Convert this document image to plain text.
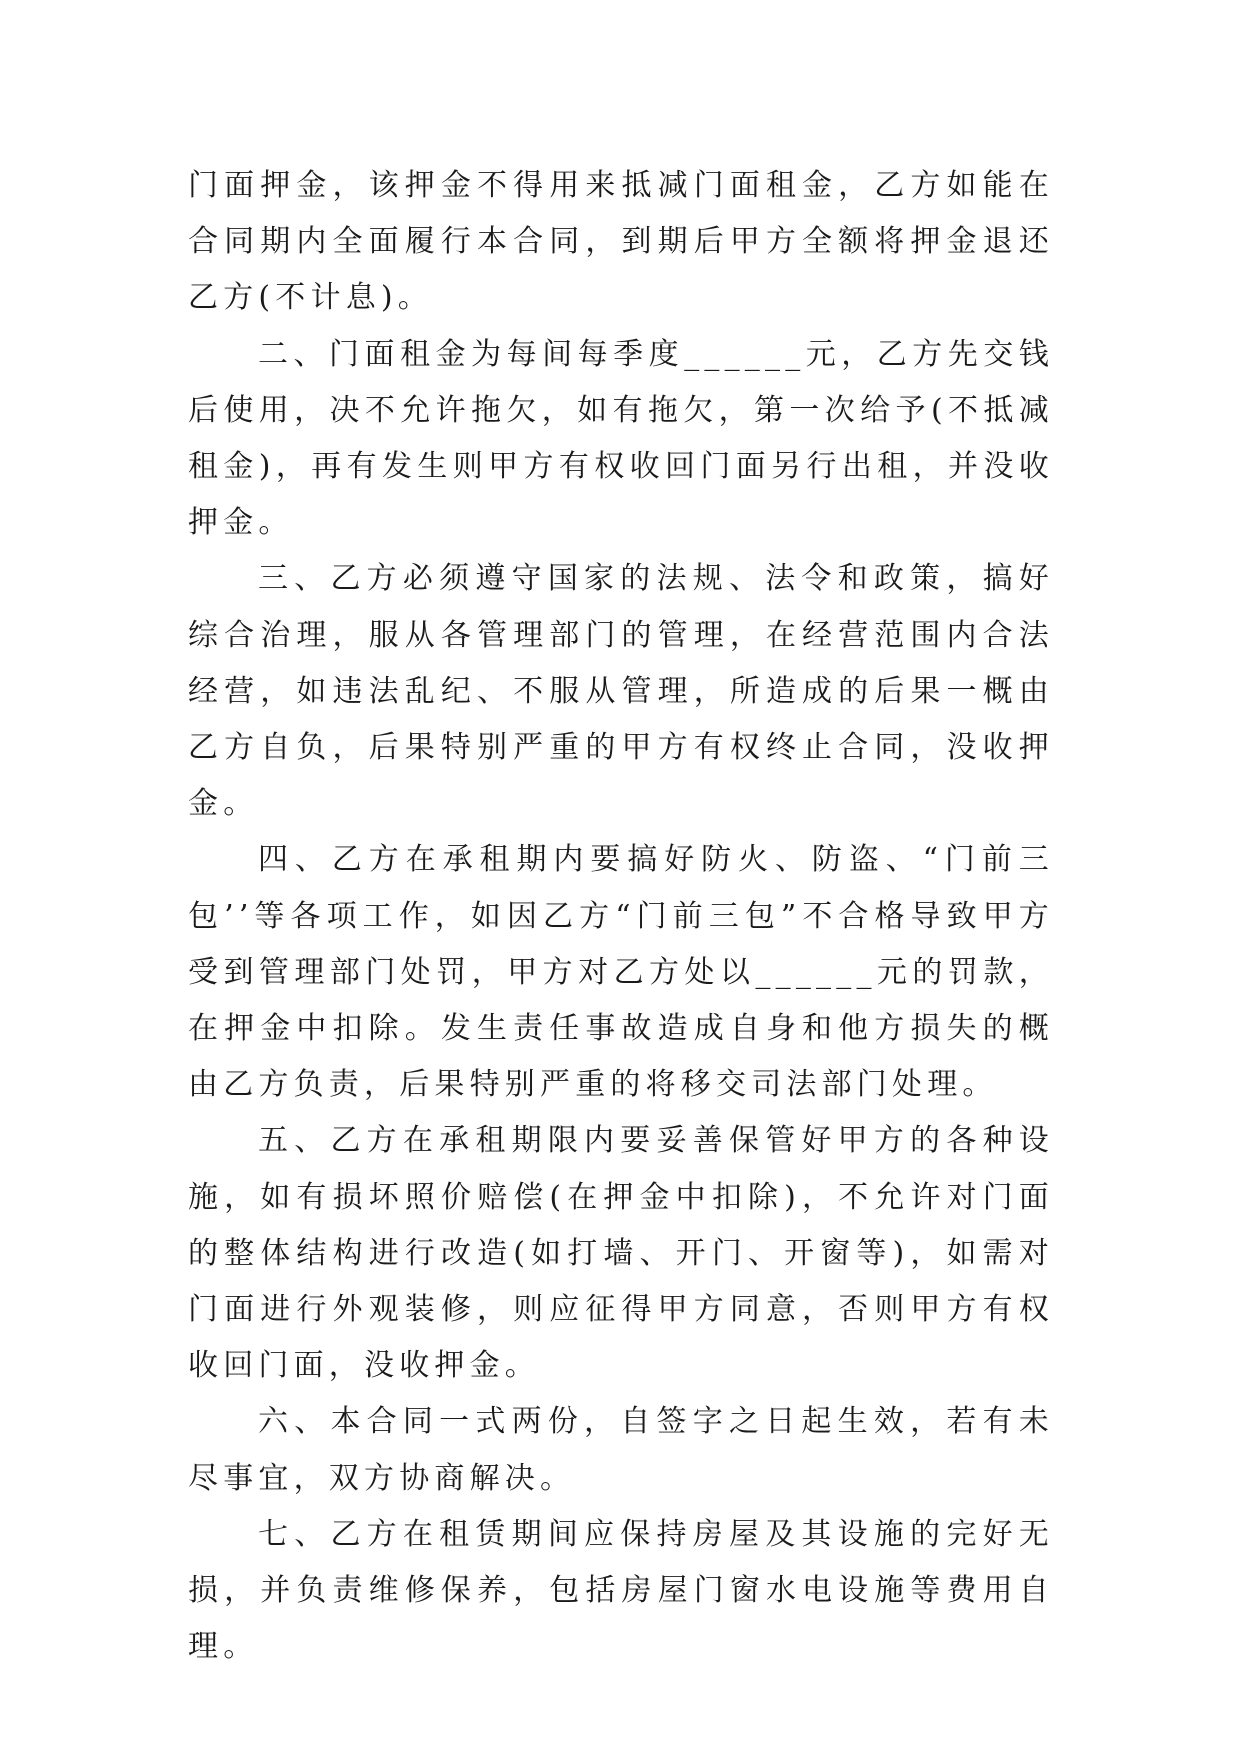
门面押金，该押金不得用来抵减门面租金，乙方如能在合同期内全面履行本合同，到期后甲方全额将押金退还乙方(不计息)。

二、门面租金为每间每季度______元，乙方先交钱后使用，决不允许拖欠，如有拖欠，第一次给予(不抵减租金)，再有发生则甲方有权收回门面另行出租，并没收押金。

三、乙方必须遵守国家的法规、法令和政策，搞好综合治理，服从各管理部门的管理，在经营范围内合法经营，如违法乱纪、不服从管理，所造成的后果一概由乙方自负，后果特别严重的甲方有权终止合同，没收押金。

四、乙方在承租期内要搞好防火、防盗、“门前三包’’等各项工作，如因乙方“门前三包”不合格导致甲方受到管理部门处罚，甲方对乙方处以______元的罚款，在押金中扣除。发生责任事故造成自身和他方损失的概由乙方负责，后果特别严重的将移交司法部门处理。

五、乙方在承租期限内要妥善保管好甲方的各种设施，如有损坏照价赔偿(在押金中扣除)，不允许对门面的整体结构进行改造(如打墙、开门、开窗等)，如需对门面进行外观装修，则应征得甲方同意，否则甲方有权收回门面，没收押金。

六、本合同一式两份，自签字之日起生效，若有未尽事宜，双方协商解决。

七、乙方在租赁期间应保持房屋及其设施的完好无损，并负责维修保养，包括房屋门窗水电设施等费用自理。
